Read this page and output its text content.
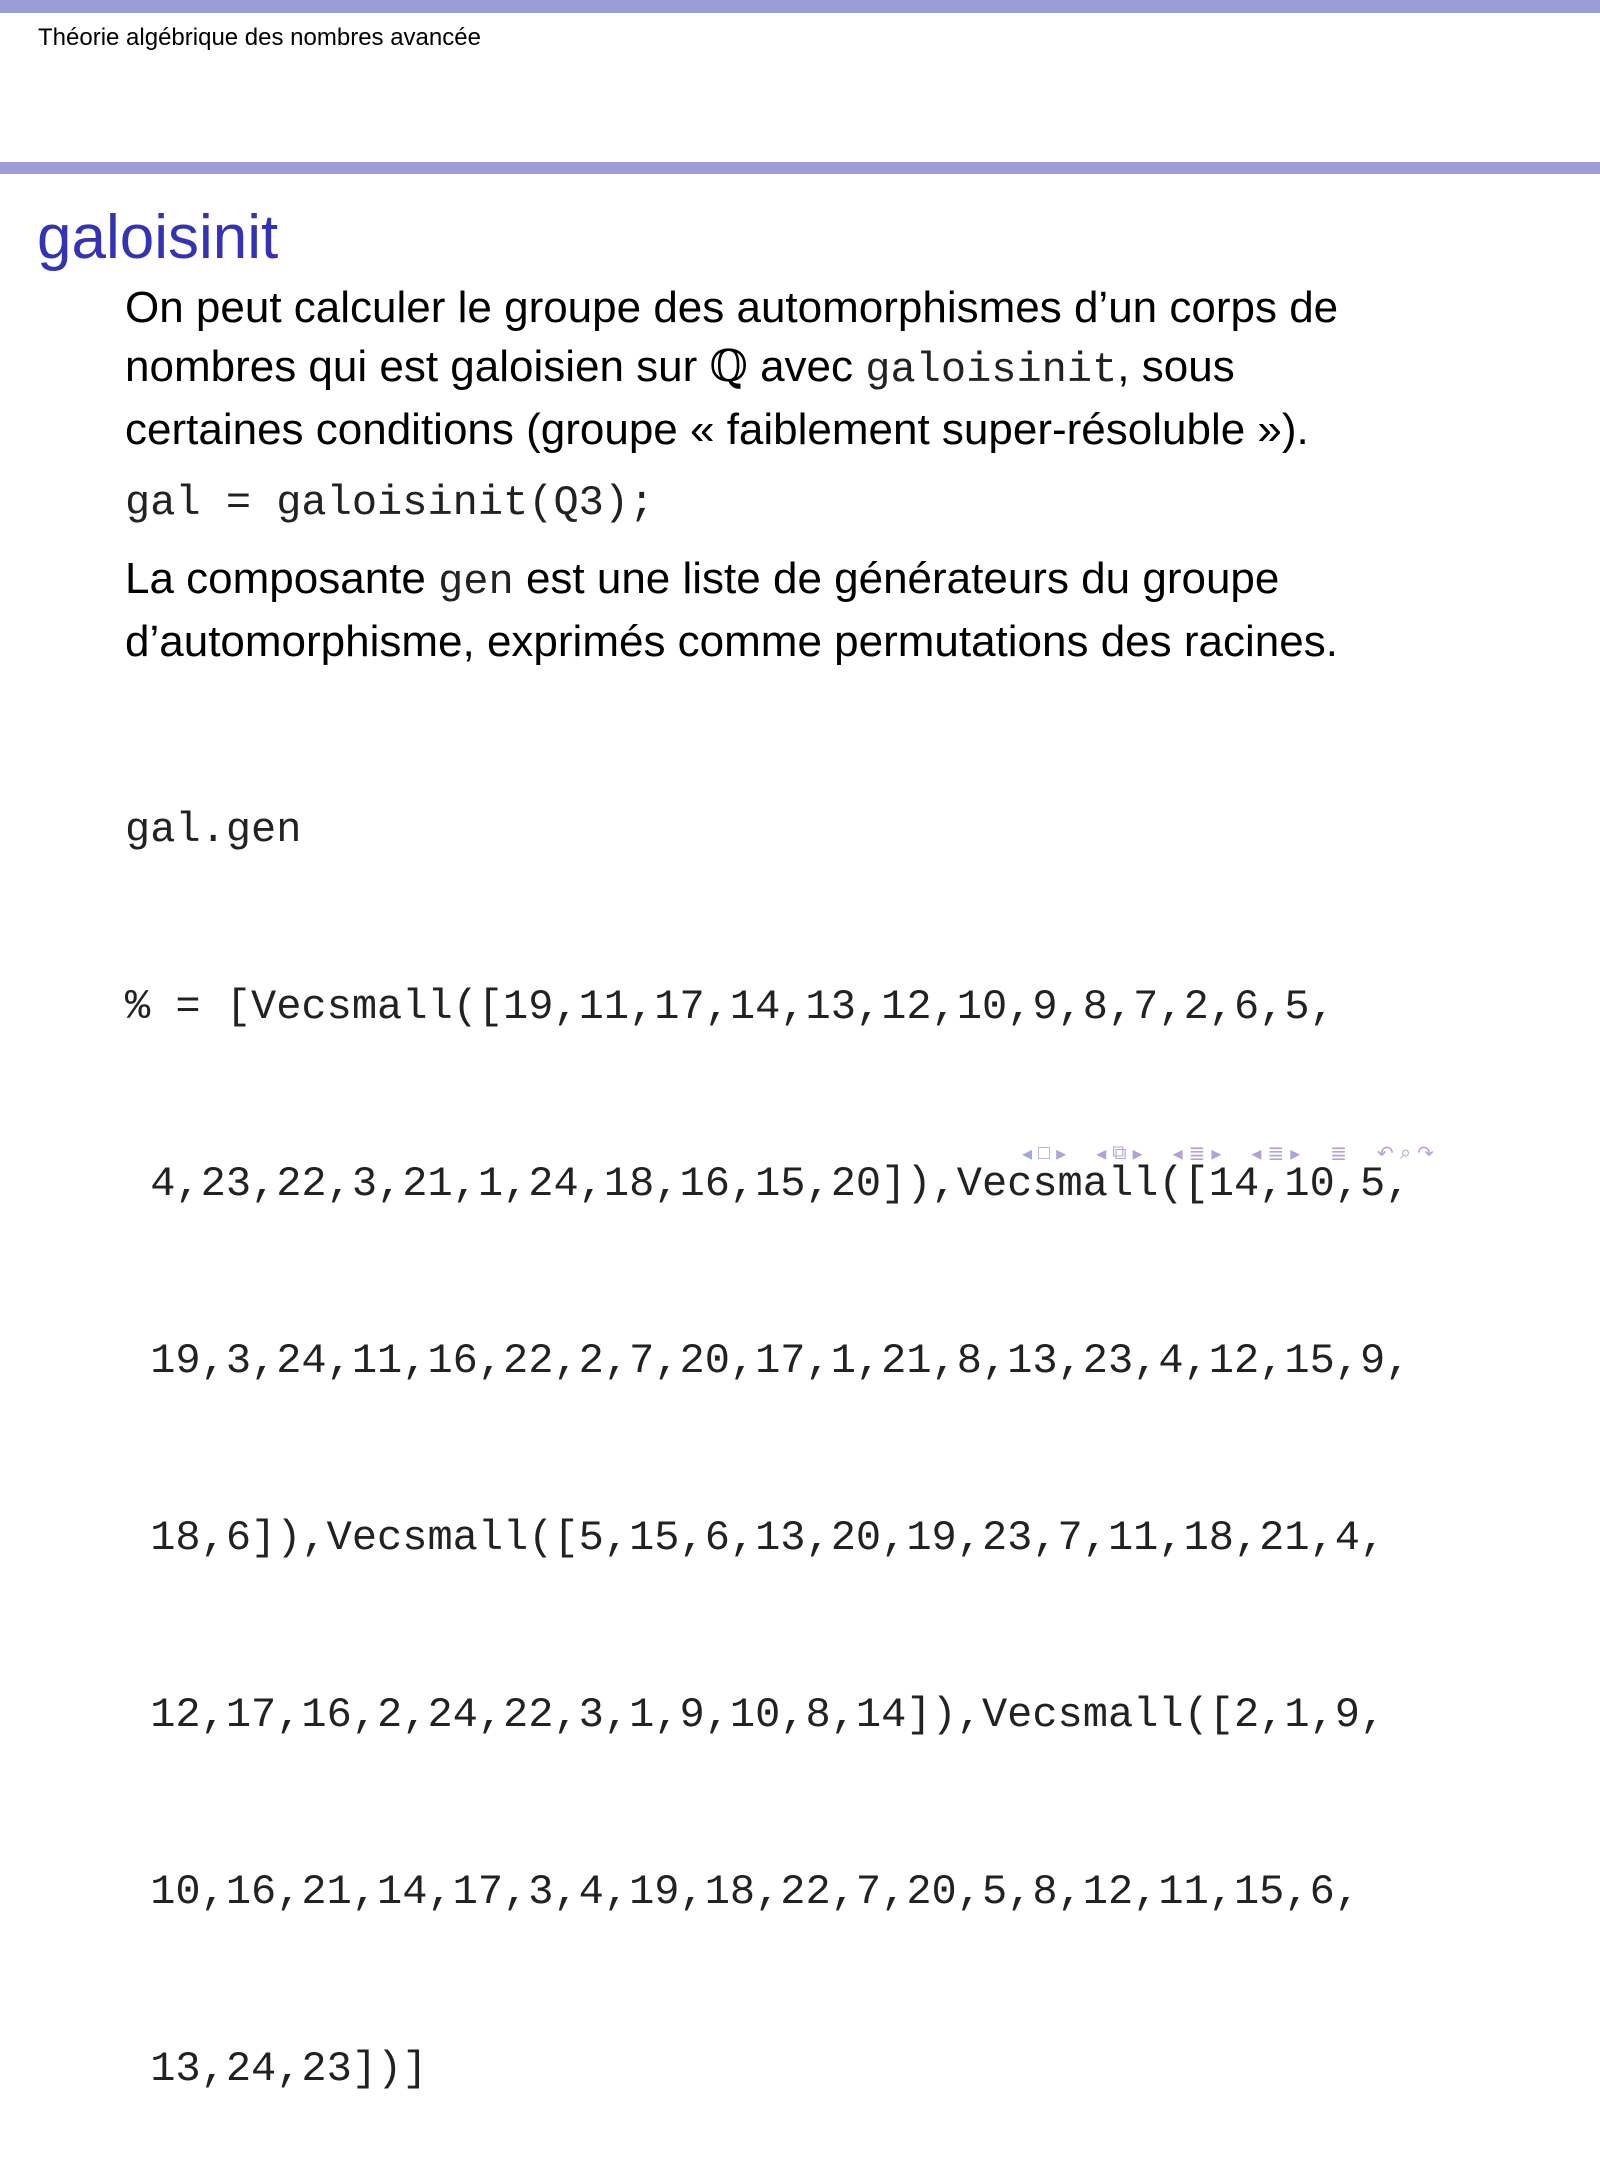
Théorie algébrique des nombres avancée
galoisinit
On peut calculer le groupe des automorphismes d’un corps de
nombres qui est galoisien sur ℚ avec galoisinit, sous
certaines conditions (groupe « faiblement super-résoluble »).
gal = galoisinit(Q3);
La composante gen est une liste de générateurs du groupe
d’automorphisme, exprimés comme permutations des racines.

gal.gen

% = [Vecsmall([19,11,17,14,13,12,10,9,8,7,2,6,5,

4,23,22,3,21,1,24,18,16,15,20]),Vecsmall([14,10,5,

19,3,24,11,16,22,2,7,20,17,1,21,8,13,23,4,12,15,9,

18,6]),Vecsmall([5,15,6,13,20,19,23,7,11,18,21,4,

12,17,16,2,24,22,3,1,9,10,8,14]),Vecsmall([2,1,9,

10,16,21,14,17,3,4,19,18,22,7,20,5,8,12,11,15,6,

13,24,23])]

◂ □ ▸ ◂ ⧉ ▸ ◂ ≣ ▸ ◂ ≣ ▸ ≣ ↶ ⌕ ↷
